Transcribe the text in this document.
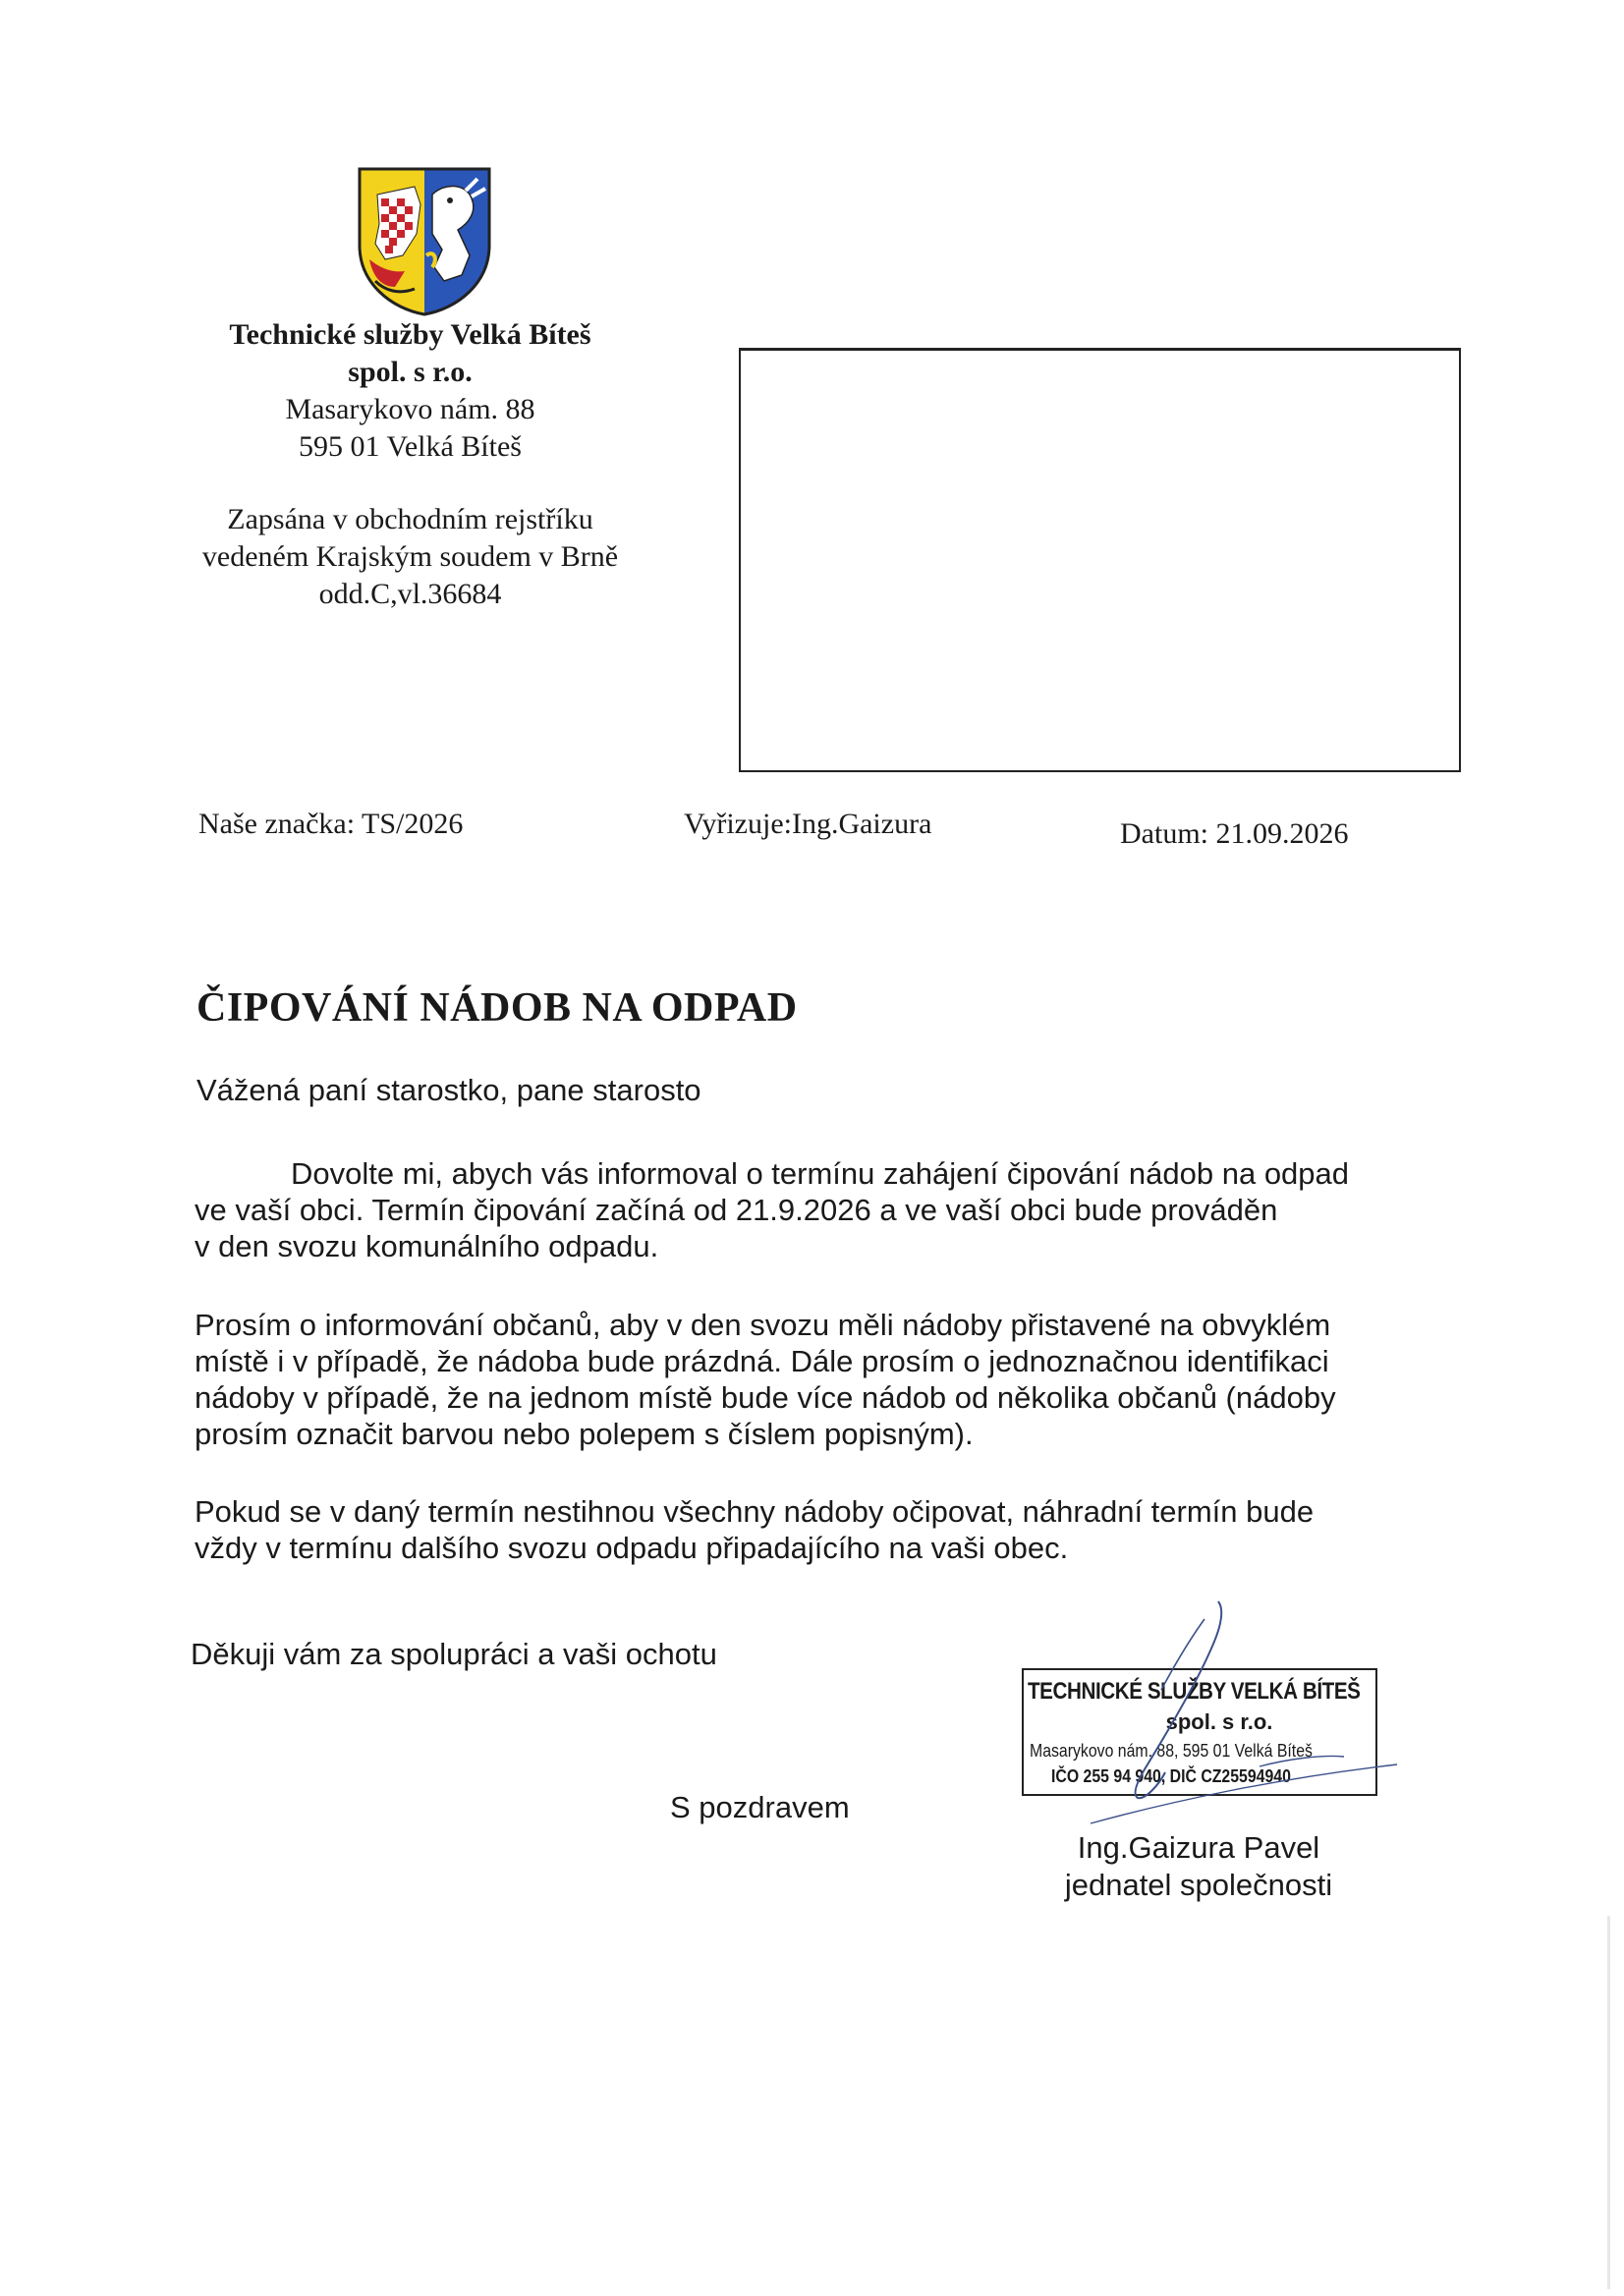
Technické služby Velká Bíteš
spol. s r.o.
Masarykovo nám. 88
595 01 Velká Bíteš
Zapsána v obchodním rejstříku
vedeném Krajským soudem v Brně
odd.C,vl.36684
Naše značka: TS/2026	Vyřizuje:Ing.Gaizura	Datum: 21.09.2026
ČIPOVÁNÍ NÁDOB NA ODPAD
Vážená paní starostko, pane starosto
Dovolte mi, abych vás informoval o termínu zahájení čipování nádob na odpad
ve vaší obci. Termín čipování začíná od 21.9.2026 a ve vaší obci bude prováděn
v den svozu komunálního odpadu.
Prosím o informování občanů, aby v den svozu měli nádoby přistavené na obvyklém
místě i v případě, že nádoba bude prázdná. Dále prosím o jednoznačnou identifikaci
nádoby v případě, že na jednom místě bude více nádob od několika občanů (nádoby
prosím označit barvou nebo polepem s číslem popisným).
Pokud se v daný termín nestihnou všechny nádoby očipovat, náhradní termín bude
vždy v termínu dalšího svozu odpadu připadajícího na vaši obec.
Děkuji vám za spolupráci a vaši ochotu
TECHNICKÉ SLUŽBY VELKÁ BÍTEŠ
spol. s r.o.
Masarykovo nám. 88, 595 01 Velká Bíteš
IČO 255 94 940, DIČ CZ25594940
S pozdravem
Ing.Gaizura Pavel
jednatel společnosti
